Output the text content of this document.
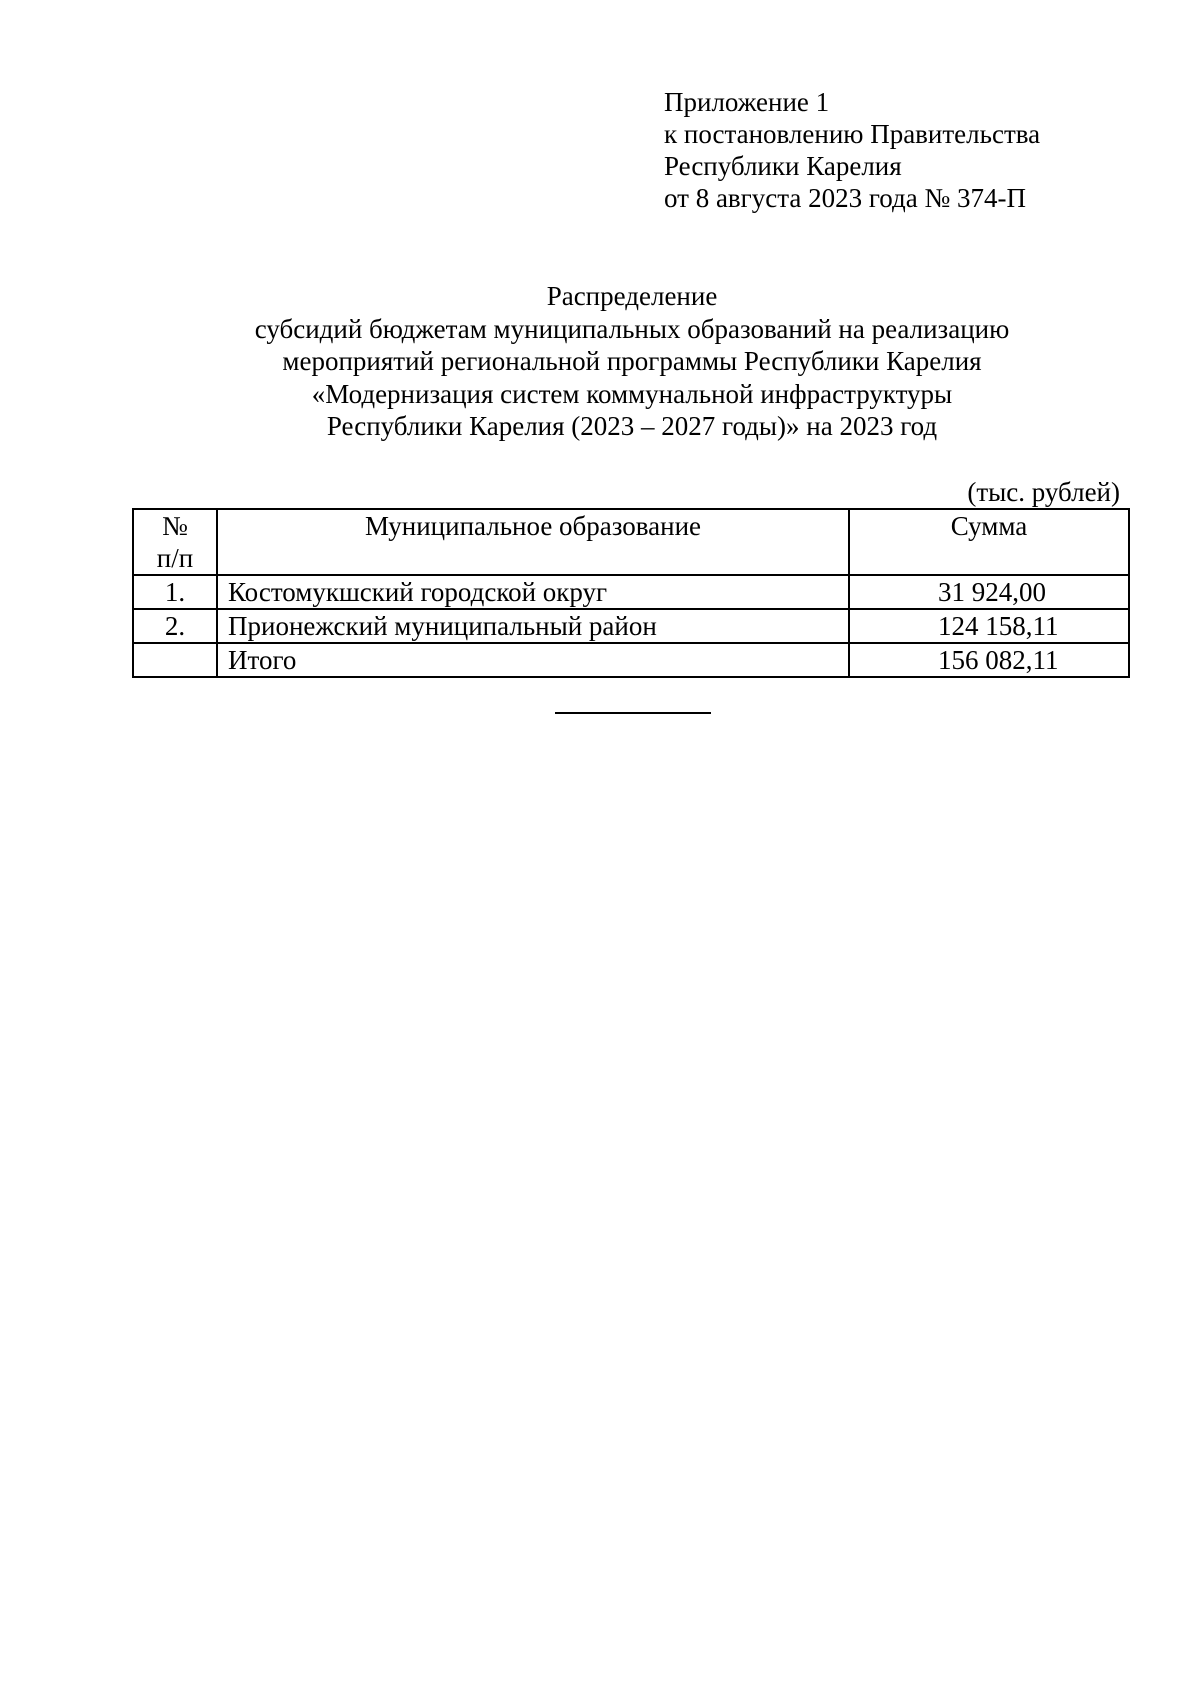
Приложение 1
к постановлению Правительства
Республики Карелия
от 8 августа 2023 года № 374-П
Распределение
субсидий бюджетам муниципальных образований на реализацию
мероприятий региональной программы Республики Карелия
«Модернизация систем коммунальной инфраструктуры
Республики Карелия (2023 – 2027 годы)» на 2023 год
(тыс. рублей)
№
п/п	Муниципальное образование	Сумма
1.	Костомукшский городской округ	31 924,00
2.	Прионежский муниципальный район	124 158,11
	Итого	156 082,11
